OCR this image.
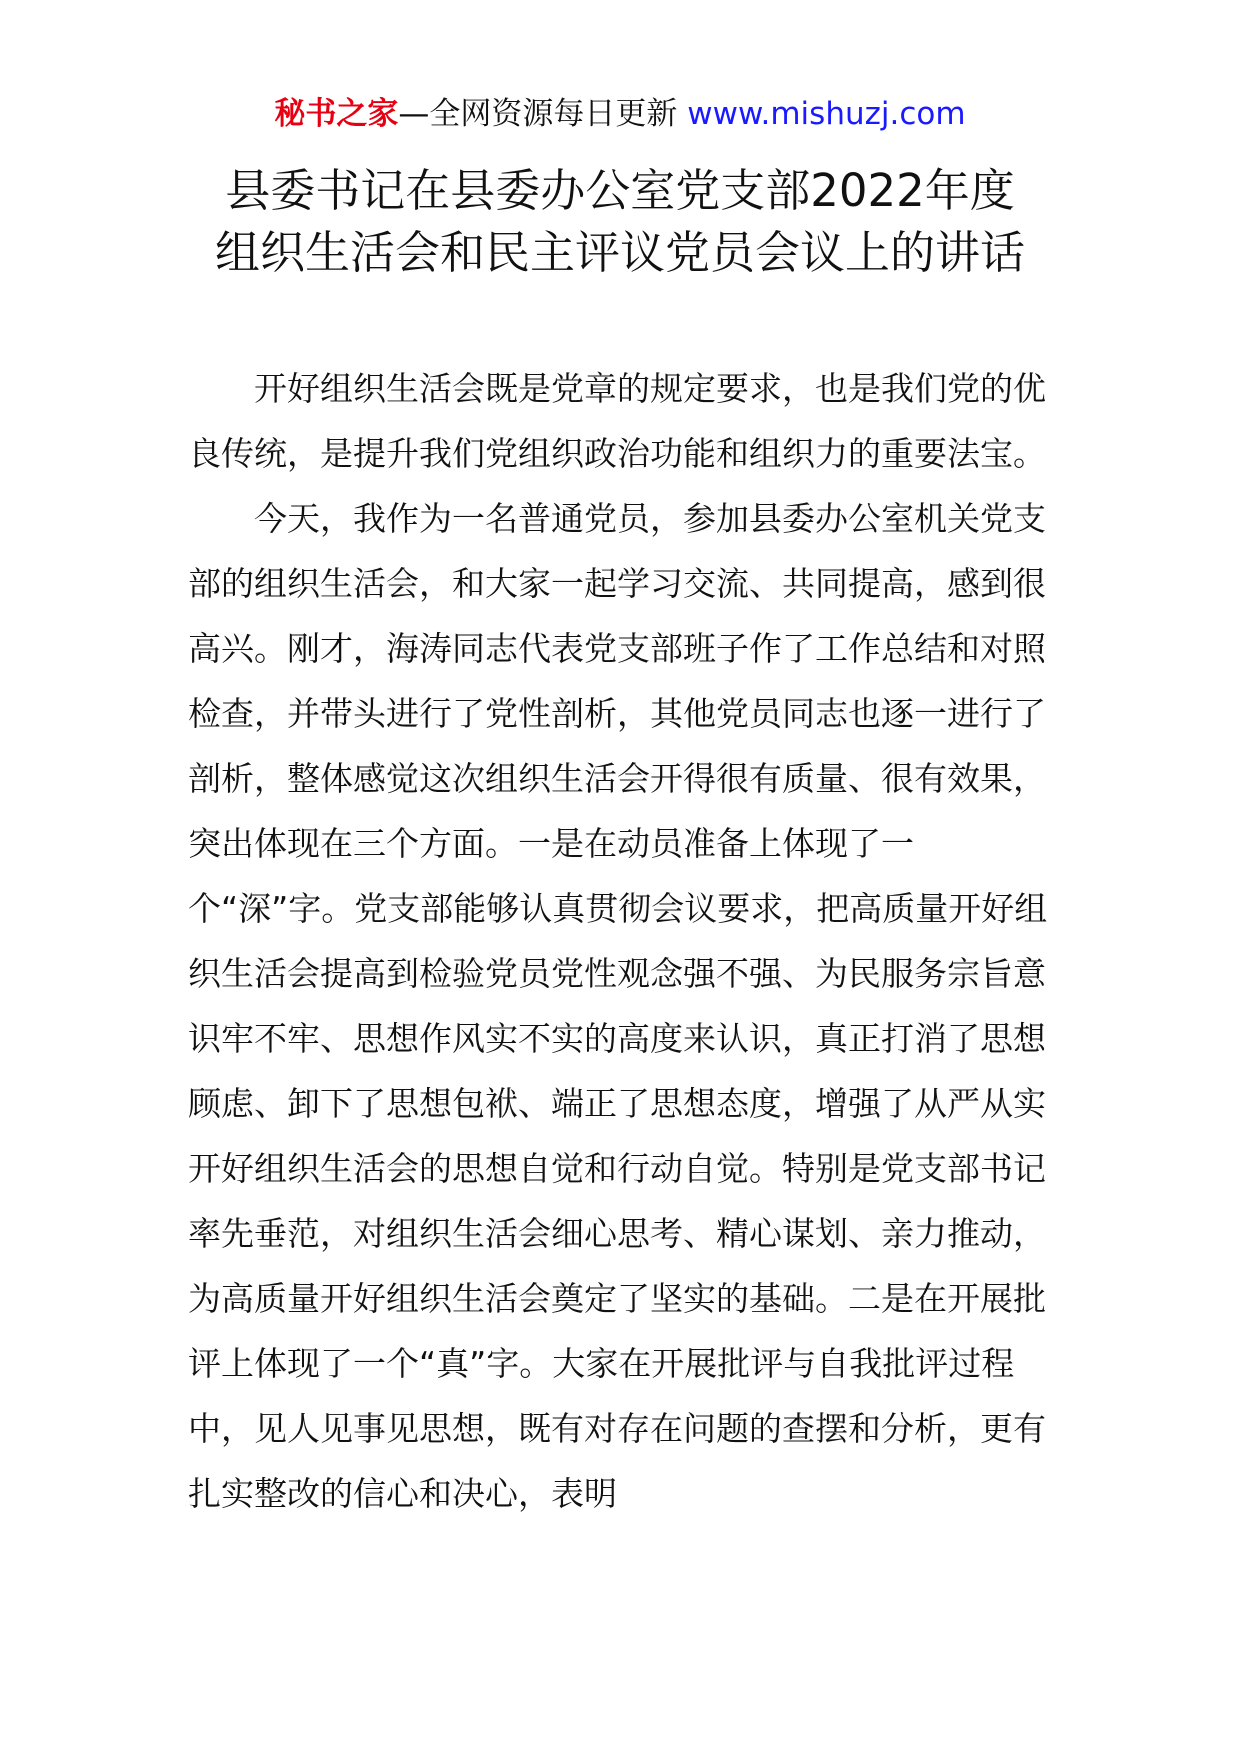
秘书之家—全网资源每日更新 www.mishuzj.com
县委书记在县委办公室党支部2022年度
组织生活会和民主评议党员会议上的讲话

开好组织生活会既是党章的规定要求，也是我们党的优良传统，是提升我们党组织政治功能和组织力的重要法宝。

今天，我作为一名普通党员，参加县委办公室机关党支部的组织生活会，和大家一起学习交流、共同提高，感到很高兴。刚才，海涛同志代表党支部班子作了工作总结和对照检查，并带头进行了党性剖析，其他党员同志也逐一进行了剖析，整体感觉这次组织生活会开得很有质量、很有效果，突出体现在三个方面。一是在动员准备上体现了一个“深”字。党支部能够认真贯彻会议要求，把高质量开好组织生活会提高到检验党员党性观念强不强、为民服务宗旨意识牢不牢、思想作风实不实的高度来认识，真正打消了思想顾虑、卸下了思想包袱、端正了思想态度，增强了从严从实开好组织生活会的思想自觉和行动自觉。特别是党支部书记率先垂范，对组织生活会细心思考、精心谋划、亲力推动，为高质量开好组织生活会奠定了坚实的基础。二是在开展批评上体现了一个“真”字。大家在开展批评与自我批评过程中，见人见事见思想，既有对存在问题的查摆和分析，更有扎实整改的信心和决心，表明
